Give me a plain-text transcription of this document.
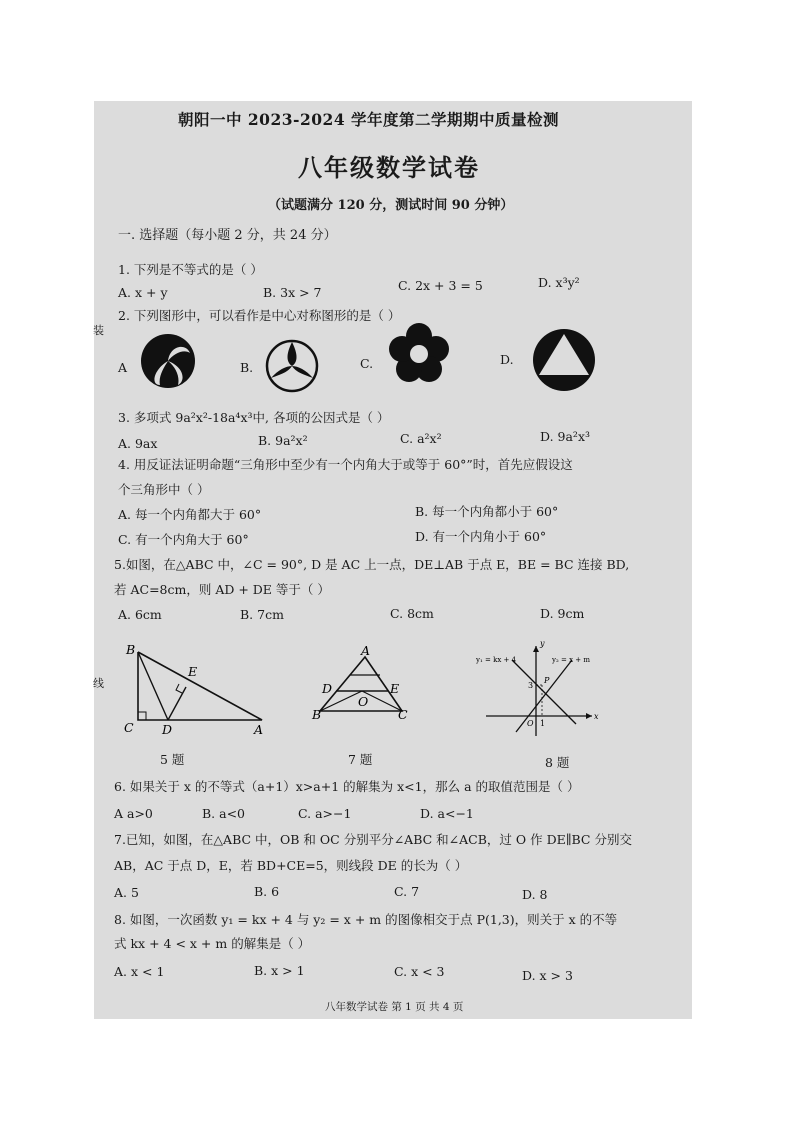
朝阳一中 2023-2024 学年度第二学期期中质量检测
八年级数学试卷
（试题满分 120 分，测试时间 90 分钟）
一. 选择题（每小题 2 分，共 24 分）
装
线
1. 下列是不等式的是（ ）
A. x + y	B. 3x > 7	C. 2x + 3 = 5	D. x³y²
2. 下列图形中，可以看作是中心对称图形的是（ ）
A	B.	C.	D.
3. 多项式 9a²x²-18a⁴x³中, 各项的公因式是（ ）
A. 9ax	B. 9a²x²	C. a²x²	D. 9a²x³
4. 用反证法证明命题“三角形中至少有一个内角大于或等于 60°”时，首先应假设这
个三角形中（ ）
A. 每一个内角都大于 60°	B. 每一个内角都小于 60°
C. 有一个内角大于 60°	D. 有一个内角小于 60°
5.如图，在△ABC 中，∠C = 90°, D 是 AC 上一点，DE⊥AB 于点 E，BE = BC 连接 BD,
若 AC=8cm，则 AD + DE 等于（ ）
A. 6cm	B. 7cm	C. 8cm	D. 9cm
B
E
C D	A
5 题
A
D	E
O
B	C
7 题
y
y₁ = kx + 4	y₂ = x + m
P
3
x
O 1
8 题
6. 如果关于 x 的不等式（a+1）x>a+1 的解集为 x<1，那么 a 的取值范围是（ ）
A a>0	B. a<0	C. a>−1	D. a<−1
7.已知，如图，在△ABC 中，OB 和 OC 分别平分∠ABC 和∠ACB，过 O 作 DE∥BC 分别交
AB，AC 于点 D，E，若 BD+CE=5，则线段 DE 的长为（ ）
A. 5	B. 6	C. 7	D. 8
8. 如图，一次函数 y₁ = kx + 4 与 y₂ = x + m 的图像相交于点 P(1,3)，则关于 x 的不等
式 kx + 4 < x + m 的解集是（ ）
A. x < 1	B. x > 1	C. x < 3	D. x > 3
八年数学试卷 第 1 页 共 4 页
